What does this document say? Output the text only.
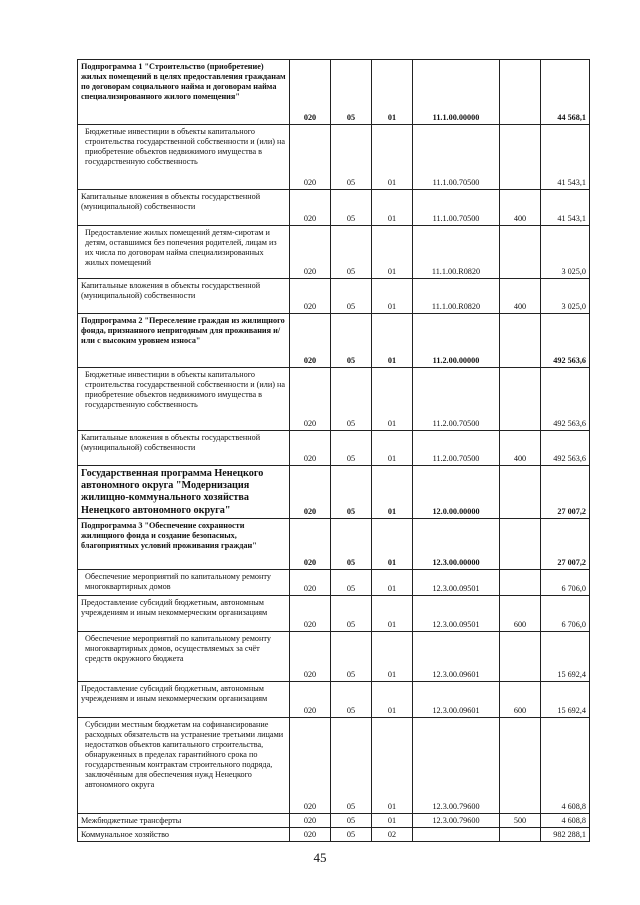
Подпрограмма 1 "Строительство (приобретение) жилых помещений в целях предоставления гражданам по договорам социального найма и договорам найма специализированного жилого помещения"	020	05	01	11.1.00.00000		44 568,1
Бюджетные инвестиции в объекты капитального строительства государственной собственности и (или) на приобретение объектов недвижимого имущества в государственную собственность	020	05	01	11.1.00.70500		41 543,1
Капитальные вложения в объекты государственной (муниципальной) собственности	020	05	01	11.1.00.70500	400	41 543,1
Предоставление жилых помещений детям-сиротам и детям, оставшимся без попечения родителей, лицам из их числа по договорам найма специализированных жилых помещений	020	05	01	11.1.00.R0820		3 025,0
Капитальные вложения в объекты государственной (муниципальной) собственности	020	05	01	11.1.00.R0820	400	3 025,0
Подпрограмма 2 "Переселение граждан из жилищного фонда, признанного непригодным для проживания и/или с высоким уровнем износа"	020	05	01	11.2.00.00000		492 563,6
Бюджетные инвестиции в объекты капитального строительства государственной собственности и (или) на приобретение объектов недвижимого имущества в государственную собственность	020	05	01	11.2.00.70500		492 563,6
Капитальные вложения в объекты государственной (муниципальной) собственности	020	05	01	11.2.00.70500	400	492 563,6
Государственная программа Ненецкого автономного округа "Модернизация жилищно-коммунального хозяйства Ненецкого автономного округа"	020	05	01	12.0.00.00000		27 007,2
Подпрограмма 3 "Обеспечение сохранности жилищного фонда и создание безопасных, благоприятных условий проживания граждан"	020	05	01	12.3.00.00000		27 007,2
Обеспечение мероприятий по капитальному ремонту многоквартирных домов	020	05	01	12.3.00.09501		6 706,0
Предоставление субсидий бюджетным, автономным учреждениям и иным некоммерческим организациям	020	05	01	12.3.00.09501	600	6 706,0
Обеспечение мероприятий по капитальному ремонту многоквартирных домов, осуществляемых за счёт средств окружного бюджета	020	05	01	12.3.00.09601		15 692,4
Предоставление субсидий бюджетным, автономным учреждениям и иным некоммерческим организациям	020	05	01	12.3.00.09601	600	15 692,4
Субсидии местным бюджетам на софинансирование расходных обязательств на устранение третьими лицами недостатков объектов капитального строительства, обнаруженных в пределах гарантийного срока по государственным контрактам строительного подряда, заключённым для обеспечения нужд Ненецкого автономного округа	020	05	01	12.3.00.79600		4 608,8
Межбюджетные трансферты	020	05	01	12.3.00.79600	500	4 608,8
Коммунальное хозяйство	020	05	02			982 288,1
45
